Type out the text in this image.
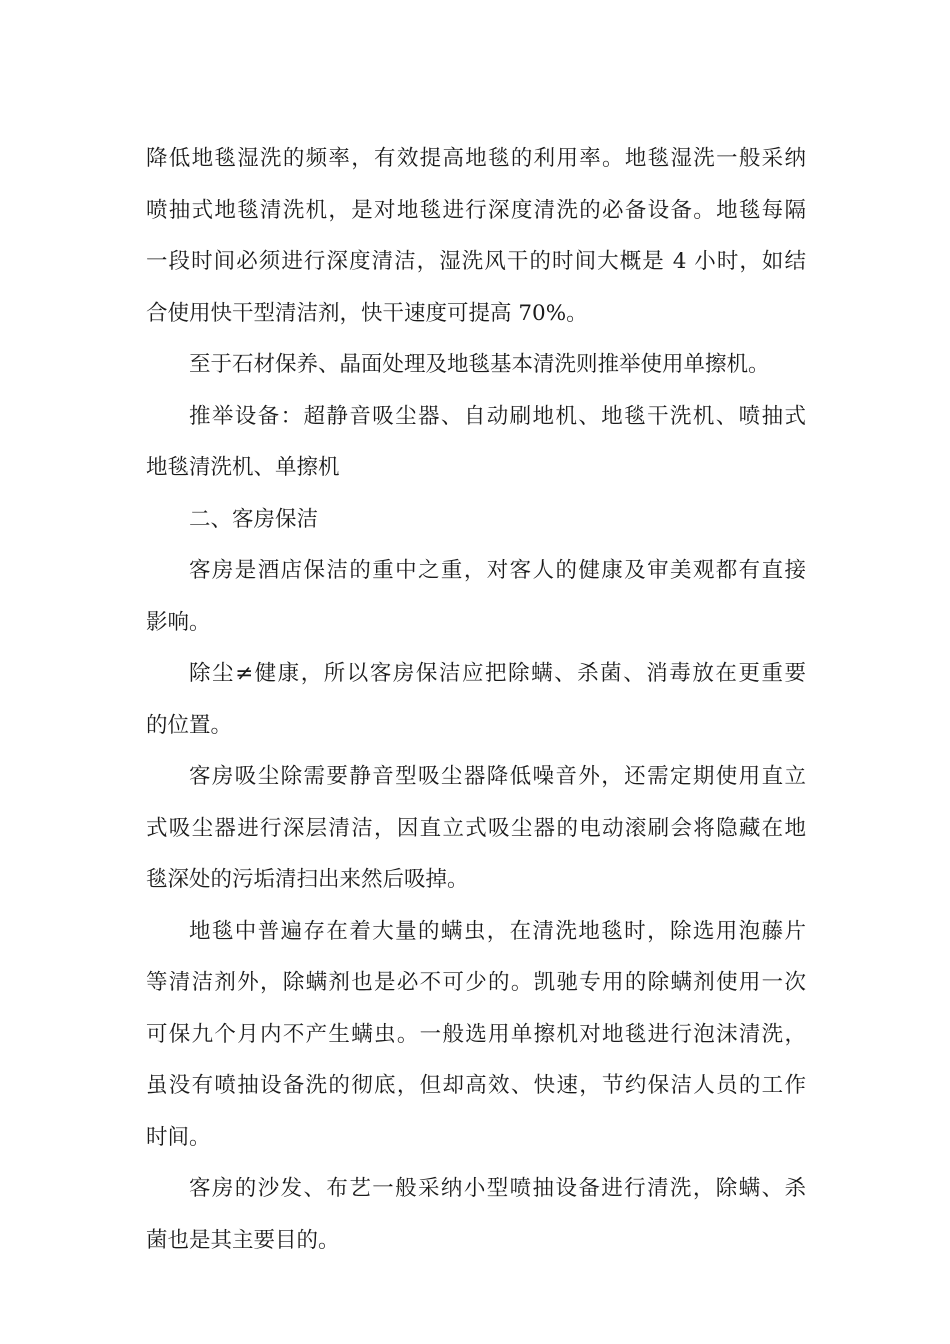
降低地毯湿洗的频率，有效提高地毯的利用率。地毯湿洗一般采纳
喷抽式地毯清洗机，是对地毯进行深度清洗的必备设备。地毯每隔
一段时间必须进行深度清洁，湿洗风干的时间大概是 4 小时，如结
合使用快干型清洁剂，快干速度可提高 70%。
至于石材保养、晶面处理及地毯基本清洗则推举使用单擦机。
推举设备：超静音吸尘器、自动刷地机、地毯干洗机、喷抽式
地毯清洗机、单擦机
二、客房保洁
客房是酒店保洁的重中之重，对客人的健康及审美观都有直接
影响。
除尘≠健康，所以客房保洁应把除螨、杀菌、消毒放在更重要
的位置。
客房吸尘除需要静音型吸尘器降低噪音外，还需定期使用直立
式吸尘器进行深层清洁，因直立式吸尘器的电动滚刷会将隐藏在地
毯深处的污垢清扫出来然后吸掉。
地毯中普遍存在着大量的螨虫，在清洗地毯时，除选用泡藤片
等清洁剂外，除螨剂也是必不可少的。凯驰专用的除螨剂使用一次
可保九个月内不产生螨虫。一般选用单擦机对地毯进行泡沫清洗，
虽没有喷抽设备洗的彻底，但却高效、快速，节约保洁人员的工作
时间。
客房的沙发、布艺一般采纳小型喷抽设备进行清洗，除螨、杀
菌也是其主要目的。
